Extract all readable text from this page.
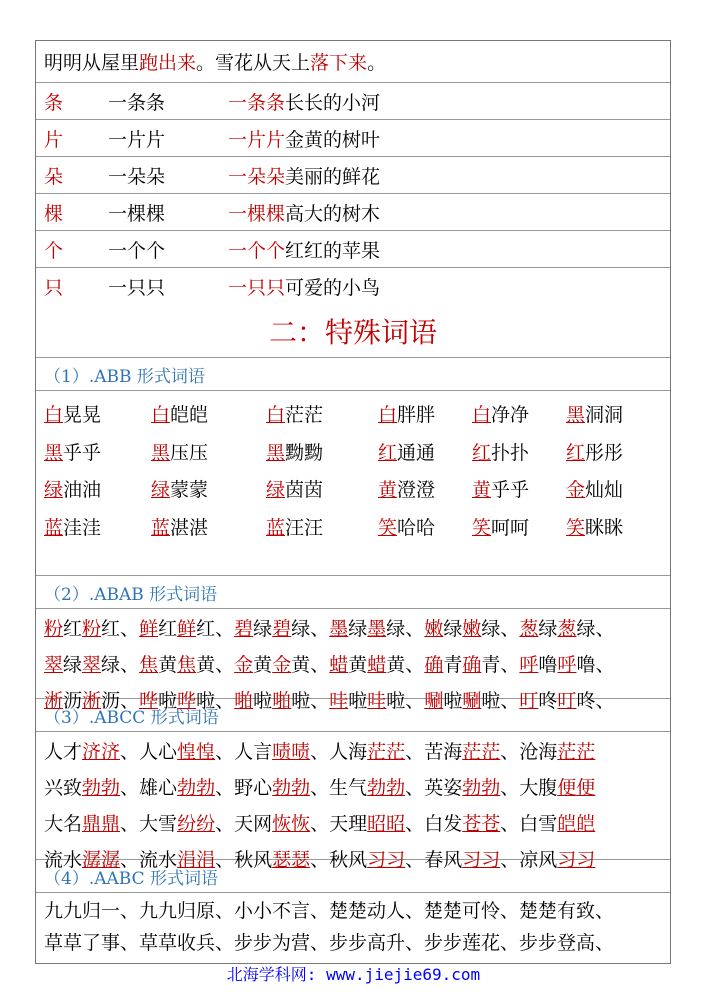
明明从屋里 跑出来 。雪花从天上 落下来 。
条	一条条	一条条 长长的小河
片	一片片	一片片 金黄的树叶
朵	一朵朵	一朵朵 美丽的鲜花
棵	一棵棵	一棵棵 高大的树木
个	一个个	一个个 红红的苹果
只	一只只	一只只 可爱的小鸟
二：特殊词语
（1）.ABB 形式词语
白晃晃	白皑皑	白茫茫	白胖胖	白净净	黑洞洞
黑乎乎	黑压压	黑黝黝	红通通	红扑扑	红彤彤
绿油油	绿蒙蒙	绿茵茵	黄澄澄	黄乎乎	金灿灿
蓝洼洼	蓝湛湛	蓝汪汪	笑哈哈	笑呵呵	笑眯眯
（2）.ABAB 形式词语
粉红粉红、鲜红鲜红、碧绿碧绿、墨绿墨绿、嫩绿嫩绿、葱绿葱绿、
翠绿翠绿、焦黄焦黄、金黄金黄、蜡黄蜡黄、确青确青、呼噜呼噜、
淅沥淅沥、哗啦哗啦、啪啦啪啦、哇啦哇啦、唰啦唰啦、叮咚叮咚、
（3）.ABCC 形式词语
人才济济、人心惶惶、人言啧啧、人海茫茫、苦海茫茫、沧海茫茫
兴致勃勃、雄心勃勃、野心勃勃、生气勃勃、英姿勃勃、大腹便便
大名鼎鼎、大雪纷纷、天网恢恢、天理昭昭、白发苍苍、白雪皑皑
流水潺潺、流水涓涓、秋风瑟瑟、秋风习习、春风习习、凉风习习
（4）.AABC 形式词语
九九归一、九九归原、小小不言、楚楚动人、楚楚可怜、楚楚有致、
草草了事、草草收兵、步步为营、步步高升、步步莲花、步步登高、
北海学科网: www.jiejie69.com
